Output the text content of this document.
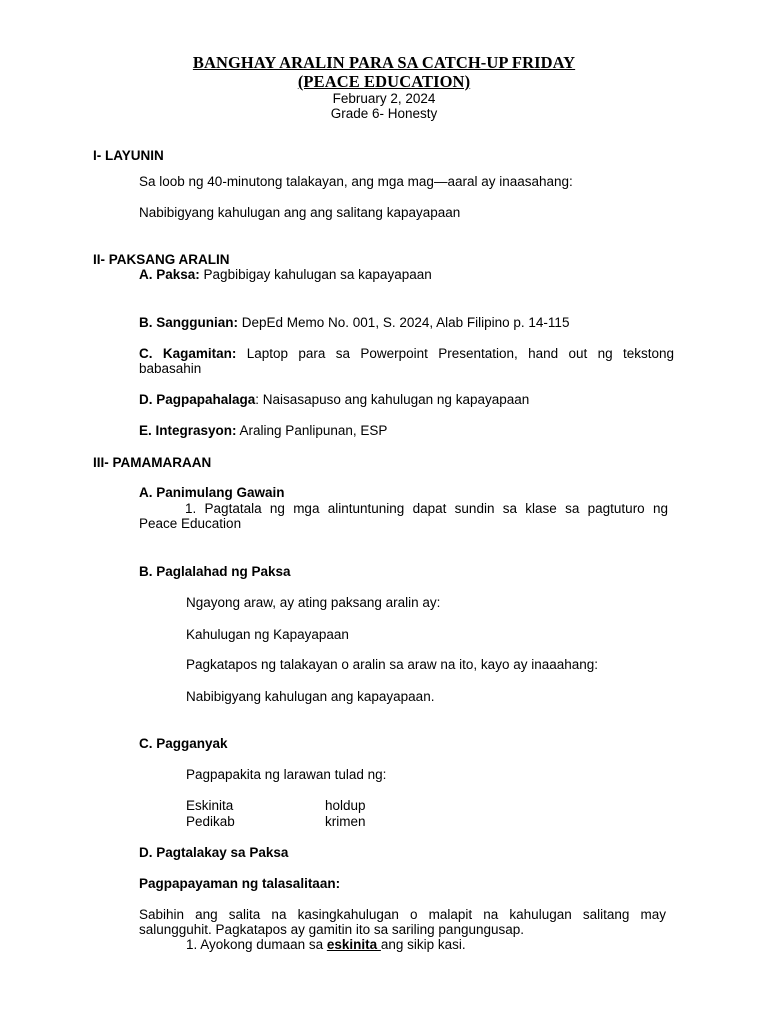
BANGHAY ARALIN PARA SA CATCH-UP FRIDAY
(PEACE EDUCATION)
February 2, 2024
Grade 6- Honesty
I- LAYUNIN
Sa loob ng 40-minutong talakayan, ang mga mag—aaral ay inaasahang:
Nabibigyang kahulugan ang ang salitang kapayapaan
II- PAKSANG ARALIN
A. Paksa: Pagbibigay kahulugan sa kapayapaan
B. Sanggunian: DepEd Memo No. 001, S. 2024, Alab Filipino p. 14-115
C. Kagamitan: Laptop para sa Powerpoint Presentation, hand out ng tekstong
babasahin
D. Pagpapahalaga: Naisasapuso ang kahulugan ng kapayapaan
E. Integrasyon: Araling Panlipunan, ESP
III- PAMAMARAAN
A. Panimulang Gawain
1. Pagtatala ng mga alintuntuning dapat sundin sa klase sa pagtuturo ng
Peace Education
B. Paglalahad ng Paksa
Ngayong araw, ay ating paksang aralin ay:
Kahulugan ng Kapayapaan
Pagkatapos ng talakayan o aralin sa araw na ito, kayo ay inaaahang:
Nabibigyang kahulugan ang kapayapaan.
C. Pagganyak
Pagpapakita ng larawan tulad ng:
Eskinita	holdup
Pedikab	krimen
D. Pagtalakay sa Paksa
Pagpapayaman ng talasalitaan:
Sabihin ang salita na kasingkahulugan o malapit na kahulugan salitang may
salungguhit. Pagkatapos ay gamitin ito sa sariling pangungusap.
1. Ayokong dumaan sa eskinita ang sikip kasi.
